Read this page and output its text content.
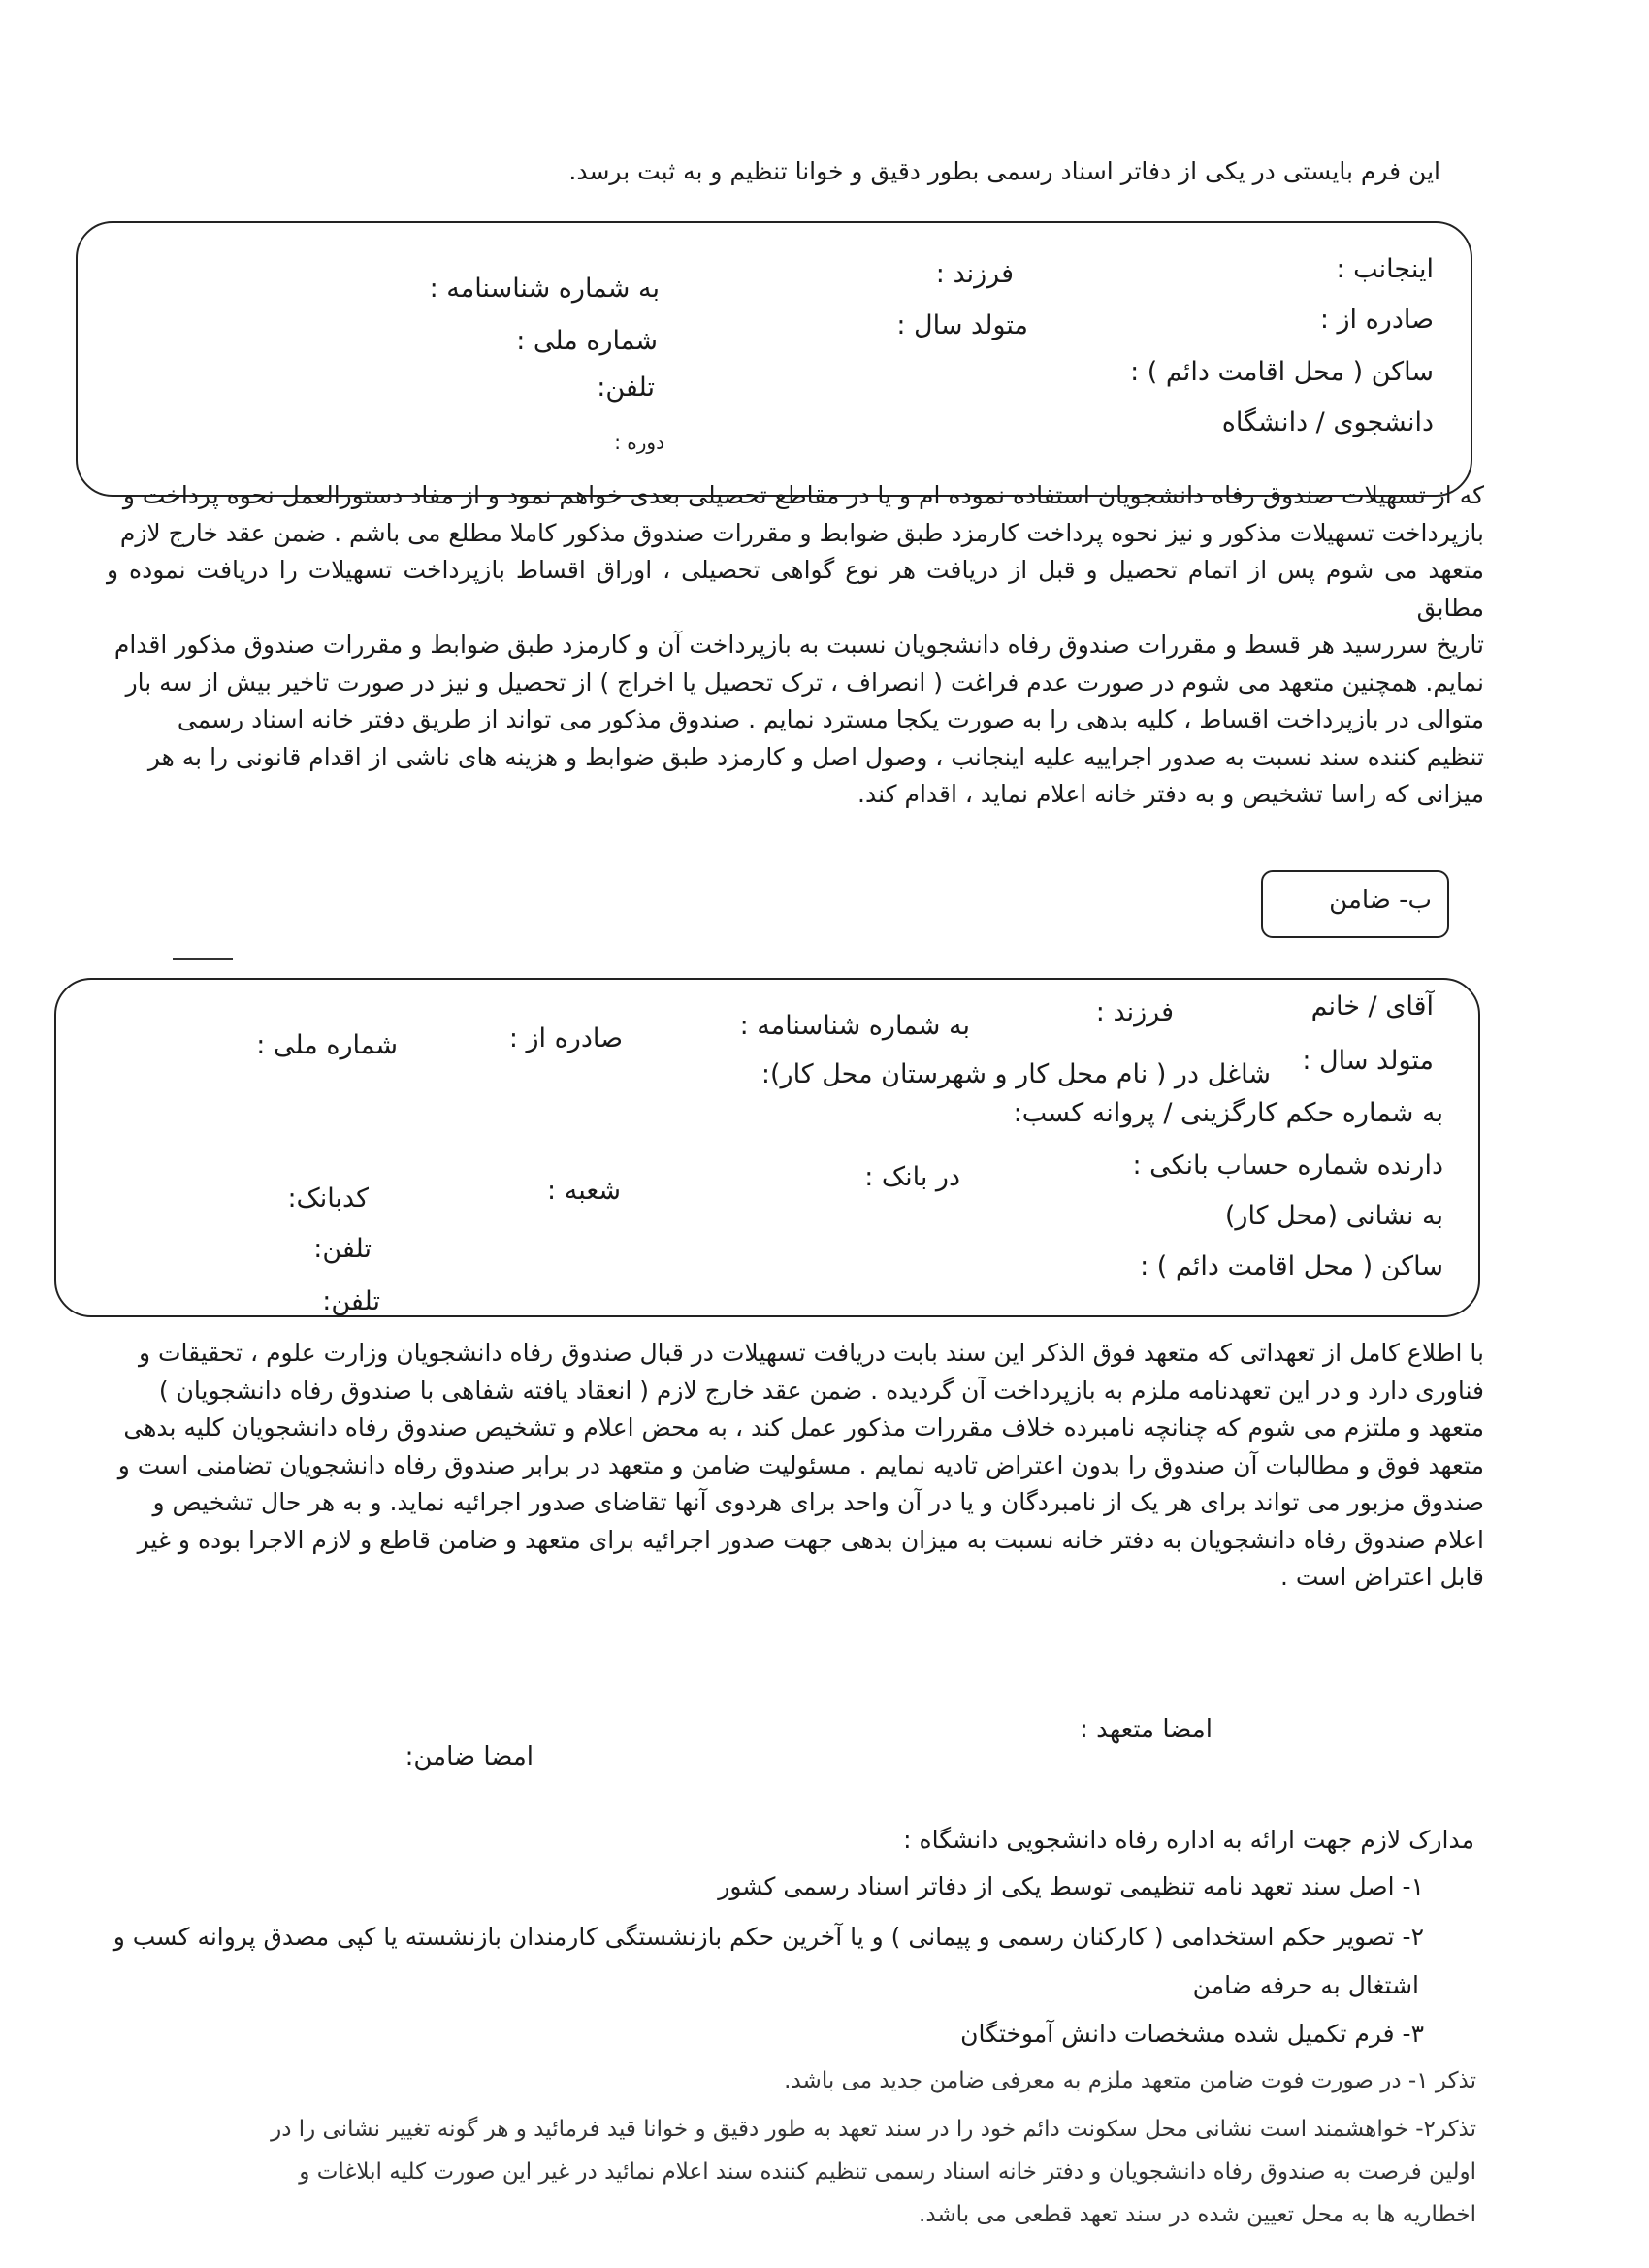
این فرم بایستی در یکی از دفاتر اسناد رسمی بطور دقیق و خوانا تنظیم و به ثبت برسد.
اینجانب :
فرزند :
به شماره شناسنامه :
صادره از :
متولد سال :
شماره ملی :
ساکن ( محل اقامت دائم ) :
تلفن:
دانشجوی / دانشگاه
دوره :
که از تسهیلات صندوق رفاه دانشجویان استفاده نموده ام و یا در مقاطع تحصیلی بعدی خواهم نمود و از مفاد دستورالعمل نحوه پرداخت و
بازپرداخت تسهیلات مذکور و نیز نحوه پرداخت کارمزد طبق ضوابط و مقررات صندوق مذکور کاملا مطلع می باشم . ضمن عقد خارج لازم
متعهد می شوم پس از اتمام تحصیل و قبل از دریافت هر نوع گواهی تحصیلی ، اوراق اقساط بازپرداخت تسهیلات را دریافت نموده و مطابق
تاریخ سررسید هر قسط و مقررات صندوق رفاه دانشجویان نسبت به بازپرداخت آن و کارمزد طبق ضوابط و مقررات صندوق مذکور اقدام
نمایم. همچنین متعهد می شوم در صورت عدم فراغت ( انصراف ، ترک تحصیل یا اخراج ) از تحصیل و نیز در صورت تاخیر بیش از سه بار
متوالی در بازپرداخت اقساط ، کلیه بدهی را به صورت یکجا مسترد نمایم . صندوق مذکور می تواند از طریق دفتر خانه اسناد رسمی
تنظیم کننده سند نسبت به صدور اجراییه علیه اینجانب ، وصول اصل و کارمزد طبق ضوابط و هزینه های ناشی از اقدام قانونی را به هر
میزانی که راسا تشخیص و به دفتر خانه اعلام نماید ، اقدام کند.
ب- ضامن
آقای / خانم
فرزند :
به شماره شناسنامه :
صادره از :
شماره ملی :
متولد سال :
شاغل در ( نام محل کار و شهرستان محل کار):
به شماره حکم کارگزینی / پروانه کسب:
دارنده شماره حساب بانکی :
در بانک :
شعبه :
کدبانک:
به نشانی (محل کار)
تلفن:
ساکن ( محل اقامت دائم ) :
تلفن:
با اطلاع کامل از تعهداتی که متعهد فوق الذکر این سند بابت دریافت تسهیلات در قبال صندوق رفاه دانشجویان وزارت علوم ، تحقیقات و
فناوری دارد و در این تعهدنامه ملزم به بازپرداخت آن گردیده . ضمن عقد خارج لازم ( انعقاد یافته شفاهی با صندوق رفاه دانشجویان )
متعهد و ملتزم می شوم که چنانچه نامبرده خلاف مقررات مذکور عمل کند ، به محض اعلام و تشخیص صندوق رفاه دانشجویان کلیه بدهی
متعهد فوق و مطالبات آن صندوق را بدون اعتراض تادیه نمایم . مسئولیت ضامن و متعهد در برابر صندوق رفاه دانشجویان تضامنی است و
صندوق مزبور می تواند برای هر یک از نامبردگان و یا در آن واحد برای هردوی آنها تقاضای صدور اجرائیه نماید. و به هر حال تشخیص و
اعلام صندوق رفاه دانشجویان به دفتر خانه نسبت به میزان بدهی جهت صدور اجرائیه برای متعهد و ضامن قاطع و لازم الاجرا بوده و غیر
قابل اعتراض است .
امضا متعهد :
امضا ضامن:
مدارک لازم جهت ارائه به اداره رفاه دانشجویی دانشگاه :
۱- اصل سند تعهد نامه تنظیمی توسط یکی از دفاتر اسناد رسمی کشور
۲- تصویر حکم استخدامی ( کارکنان رسمی و پیمانی ) و یا آخرین حکم بازنشستگی کارمندان بازنشسته یا کپی مصدق پروانه کسب و
اشتغال به حرفه ضامن
۳- فرم تکمیل شده مشخصات دانش آموختگان
تذکر ۱- در صورت فوت ضامن متعهد ملزم به معرفی ضامن جدید می باشد.
تذکر۲- خواهشمند است نشانی محل سکونت دائم خود را در سند تعهد به طور دقیق و خوانا قید فرمائید و هر گونه تغییر نشانی را در
اولین فرصت به صندوق رفاه دانشجویان و دفتر خانه اسناد رسمی تنظیم کننده سند اعلام نمائید در غیر این صورت کلیه ابلاغات و
اخطاریه ها به محل تعیین شده در سند تعهد قطعی می باشد.
